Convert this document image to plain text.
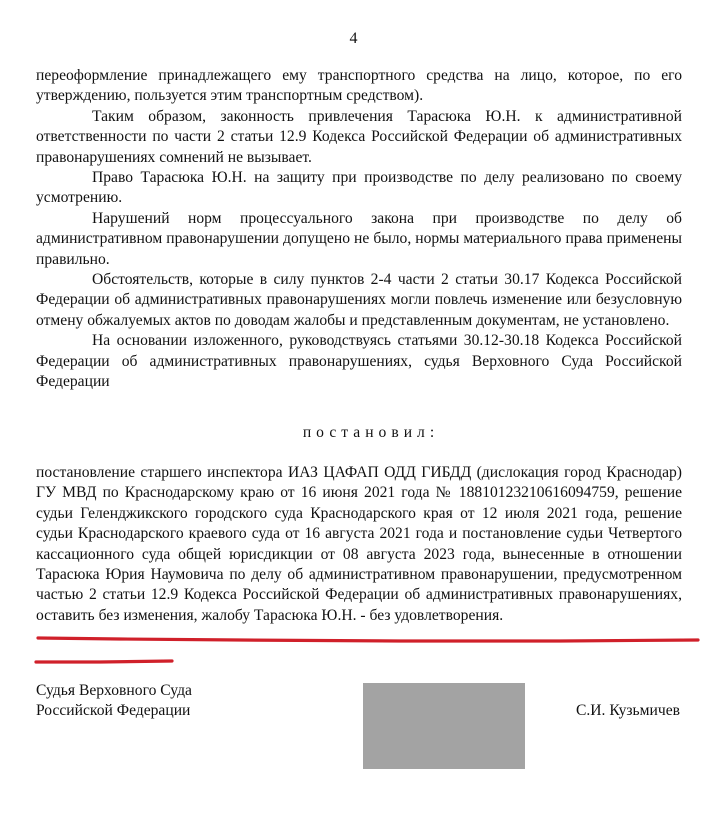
4

переоформление принадлежащего ему транспортного средства на лицо, которое, по его утверждению, пользуется этим транспортным средством).

Таким образом, законность привлечения Тарасюка Ю.Н. к административной ответственности по части 2 статьи 12.9 Кодекса Российской Федерации об административных правонарушениях сомнений не вызывает.

Право Тарасюка Ю.Н. на защиту при производстве по делу реализовано по своему усмотрению.

Нарушений норм процессуального закона при производстве по делу об административном правонарушении допущено не было, нормы материального права применены правильно.

Обстоятельств, которые в силу пунктов 2-4 части 2 статьи 30.17 Кодекса Российской Федерации об административных правонарушениях могли повлечь изменение или безусловную отмену обжалуемых актов по доводам жалобы и представленным документам, не установлено.

На основании изложенного, руководствуясь статьями 30.12-30.18 Кодекса Российской Федерации об административных правонарушениях, судья Верховного Суда Российской Федерации

постановил:

постановление старшего инспектора ИАЗ ЦАФАП ОДД ГИБДД (дислокация город Краснодар) ГУ МВД по Краснодарскому краю от 16 июня 2021 года № 18810123210616094759, решение судьи Геленджикского городского суда Краснодарского края от 12 июля 2021 года, решение судьи Краснодарского краевого суда от 16 августа 2021 года и постановление судьи Четвертого кассационного суда общей юрисдикции от 08 августа 2023 года, вынесенные в отношении Тарасюка Юрия Наумовича по делу об административном правонарушении, предусмотренном частью 2 статьи 12.9 Кодекса Российской Федерации об административных правонарушениях, оставить без изменения, жалобу Тарасюка Ю.Н. - без удовлетворения.

Судья Верховного Суда
Российской Федерации	С.И. Кузьмичев
